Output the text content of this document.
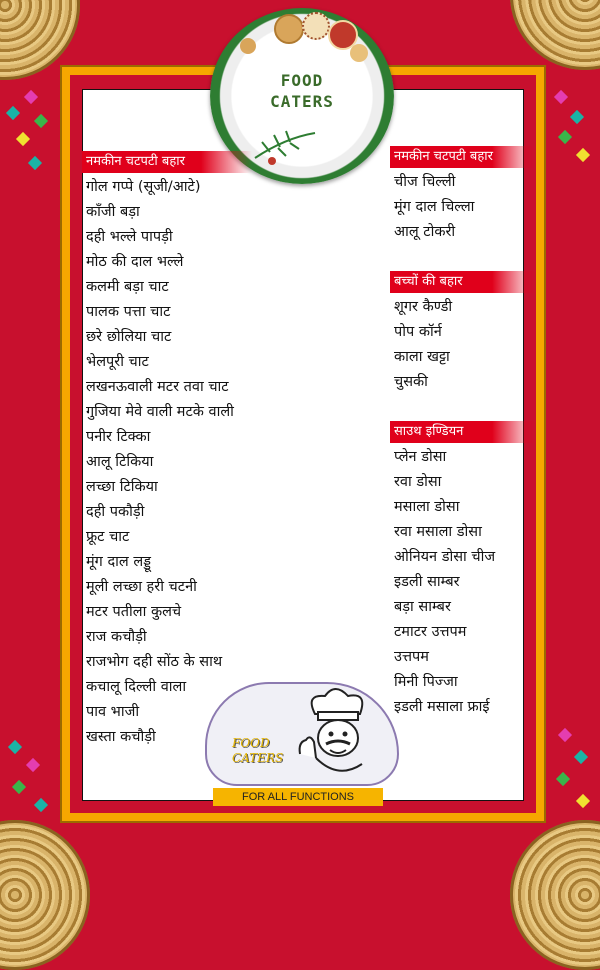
FOOD
CATERS
नमकीन चटपटी बहार
गोल गप्पे (सूजी/आटे)
काँजी बड़ा
दही भल्ले पापड़ी
मोठ की दाल भल्ले
कलमी बड़ा चाट
पालक पत्ता चाट
छरे छोलिया चाट
भेलपूरी चाट
लखनऊवाली मटर तवा चाट
गुजिया मेवे वाली मटके वाली
पनीर टिक्का
आलू टिकिया
लच्छा टिकिया
दही पकौड़ी
फ्रूट चाट
मूंग दाल लड्डू
मूली लच्छा हरी चटनी
मटर पतीला कुलचे
राज कचौड़ी
राजभोग दही सोंठ के साथ
कचालू दिल्ली वाला
पाव भाजी
खस्ता कचौड़ी
नमकीन चटपटी बहार
चीज चिल्ली
मूंग दाल चिल्ला
आलू टोकरी
बच्चों की बहार
शूगर कैण्डी
पोप कॉर्न
काला खट्टा
चुसकी
साउथ इण्डियन
प्लेन डोसा
रवा डोसा
मसाला डोसा
रवा मसाला डोसा
ओनियन डोसा चीज
इडली साम्बर
बड़ा साम्बर
टमाटर उत्तपम
उत्तपम
मिनी पिज्जा
इडली मसाला फ्राई
FOOD
CATERS
FOR ALL FUNCTIONS
